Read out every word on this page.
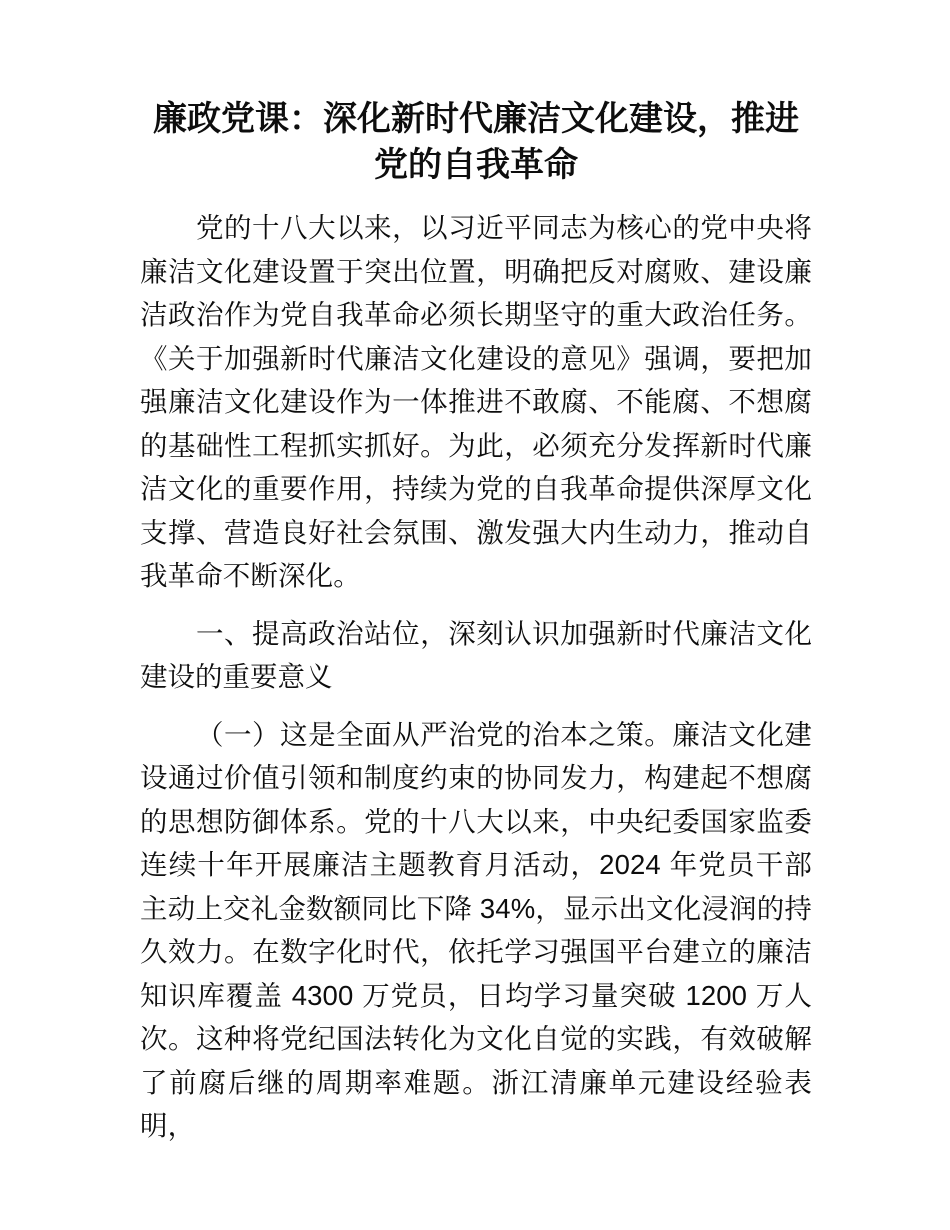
廉政党课：深化新时代廉洁文化建设，推进党的自我革命

党的十八大以来，以习近平同志为核心的党中央将廉洁文化建设置于突出位置，明确把反对腐败、建设廉洁政治作为党自我革命必须长期坚守的重大政治任务。《关于加强新时代廉洁文化建设的意见》强调，要把加强廉洁文化建设作为一体推进不敢腐、不能腐、不想腐的基础性工程抓实抓好。为此，必须充分发挥新时代廉洁文化的重要作用，持续为党的自我革命提供深厚文化支撑、营造良好社会氛围、激发强大内生动力，推动自我革命不断深化。

一、提高政治站位，深刻认识加强新时代廉洁文化建设的重要意义

（一）这是全面从严治党的治本之策。廉洁文化建设通过价值引领和制度约束的协同发力，构建起不想腐的思想防御体系。党的十八大以来，中央纪委国家监委连续十年开展廉洁主题教育月活动，2024 年党员干部主动上交礼金数额同比下降 34%，显示出文化浸润的持久效力。在数字化时代，依托学习强国平台建立的廉洁知识库覆盖 4300 万党员，日均学习量突破 1200 万人次。这种将党纪国法转化为文化自觉的实践，有效破解了前腐后继的周期率难题。浙江清廉单元建设经验表明，
